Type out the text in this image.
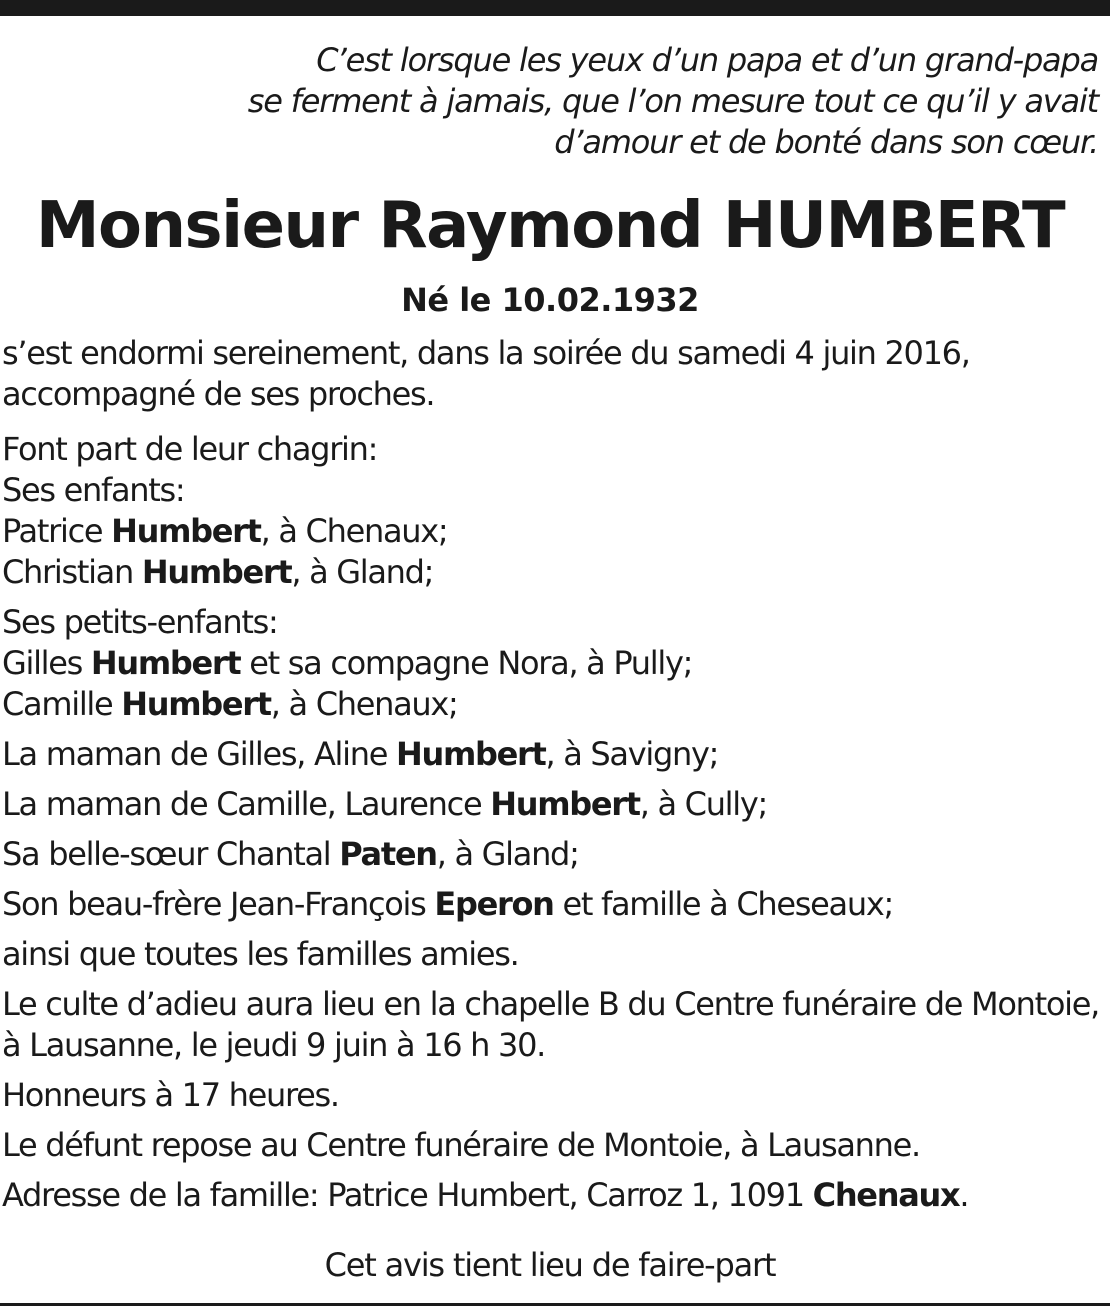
C’est lorsque les yeux d’un papa et d’un grand-papa
se ferment à jamais, que l’on mesure tout ce qu’il y avait
d’amour et de bonté dans son cœur.
Monsieur Raymond HUMBERT
Né le 10.02.1932
s’est endormi sereinement, dans la soirée du samedi 4 juin 2016,
accompagné de ses proches.
Font part de leur chagrin:
Ses enfants:
Patrice Humbert, à Chenaux;
Christian Humbert, à Gland;
Ses petits-enfants:
Gilles Humbert et sa compagne Nora, à Pully;
Camille Humbert, à Chenaux;
La maman de Gilles, Aline Humbert, à Savigny;
La maman de Camille, Laurence Humbert, à Cully;
Sa belle-sœur Chantal Paten, à Gland;
Son beau-frère Jean-François Eperon et famille à Cheseaux;
ainsi que toutes les familles amies.
Le culte d’adieu aura lieu en la chapelle B du Centre funéraire de Montoie,
à Lausanne, le jeudi 9 juin à 16 h 30.
Honneurs à 17 heures.
Le défunt repose au Centre funéraire de Montoie, à Lausanne.
Adresse de la famille: Patrice Humbert, Carroz 1, 1091 Chenaux.
Cet avis tient lieu de faire-part
